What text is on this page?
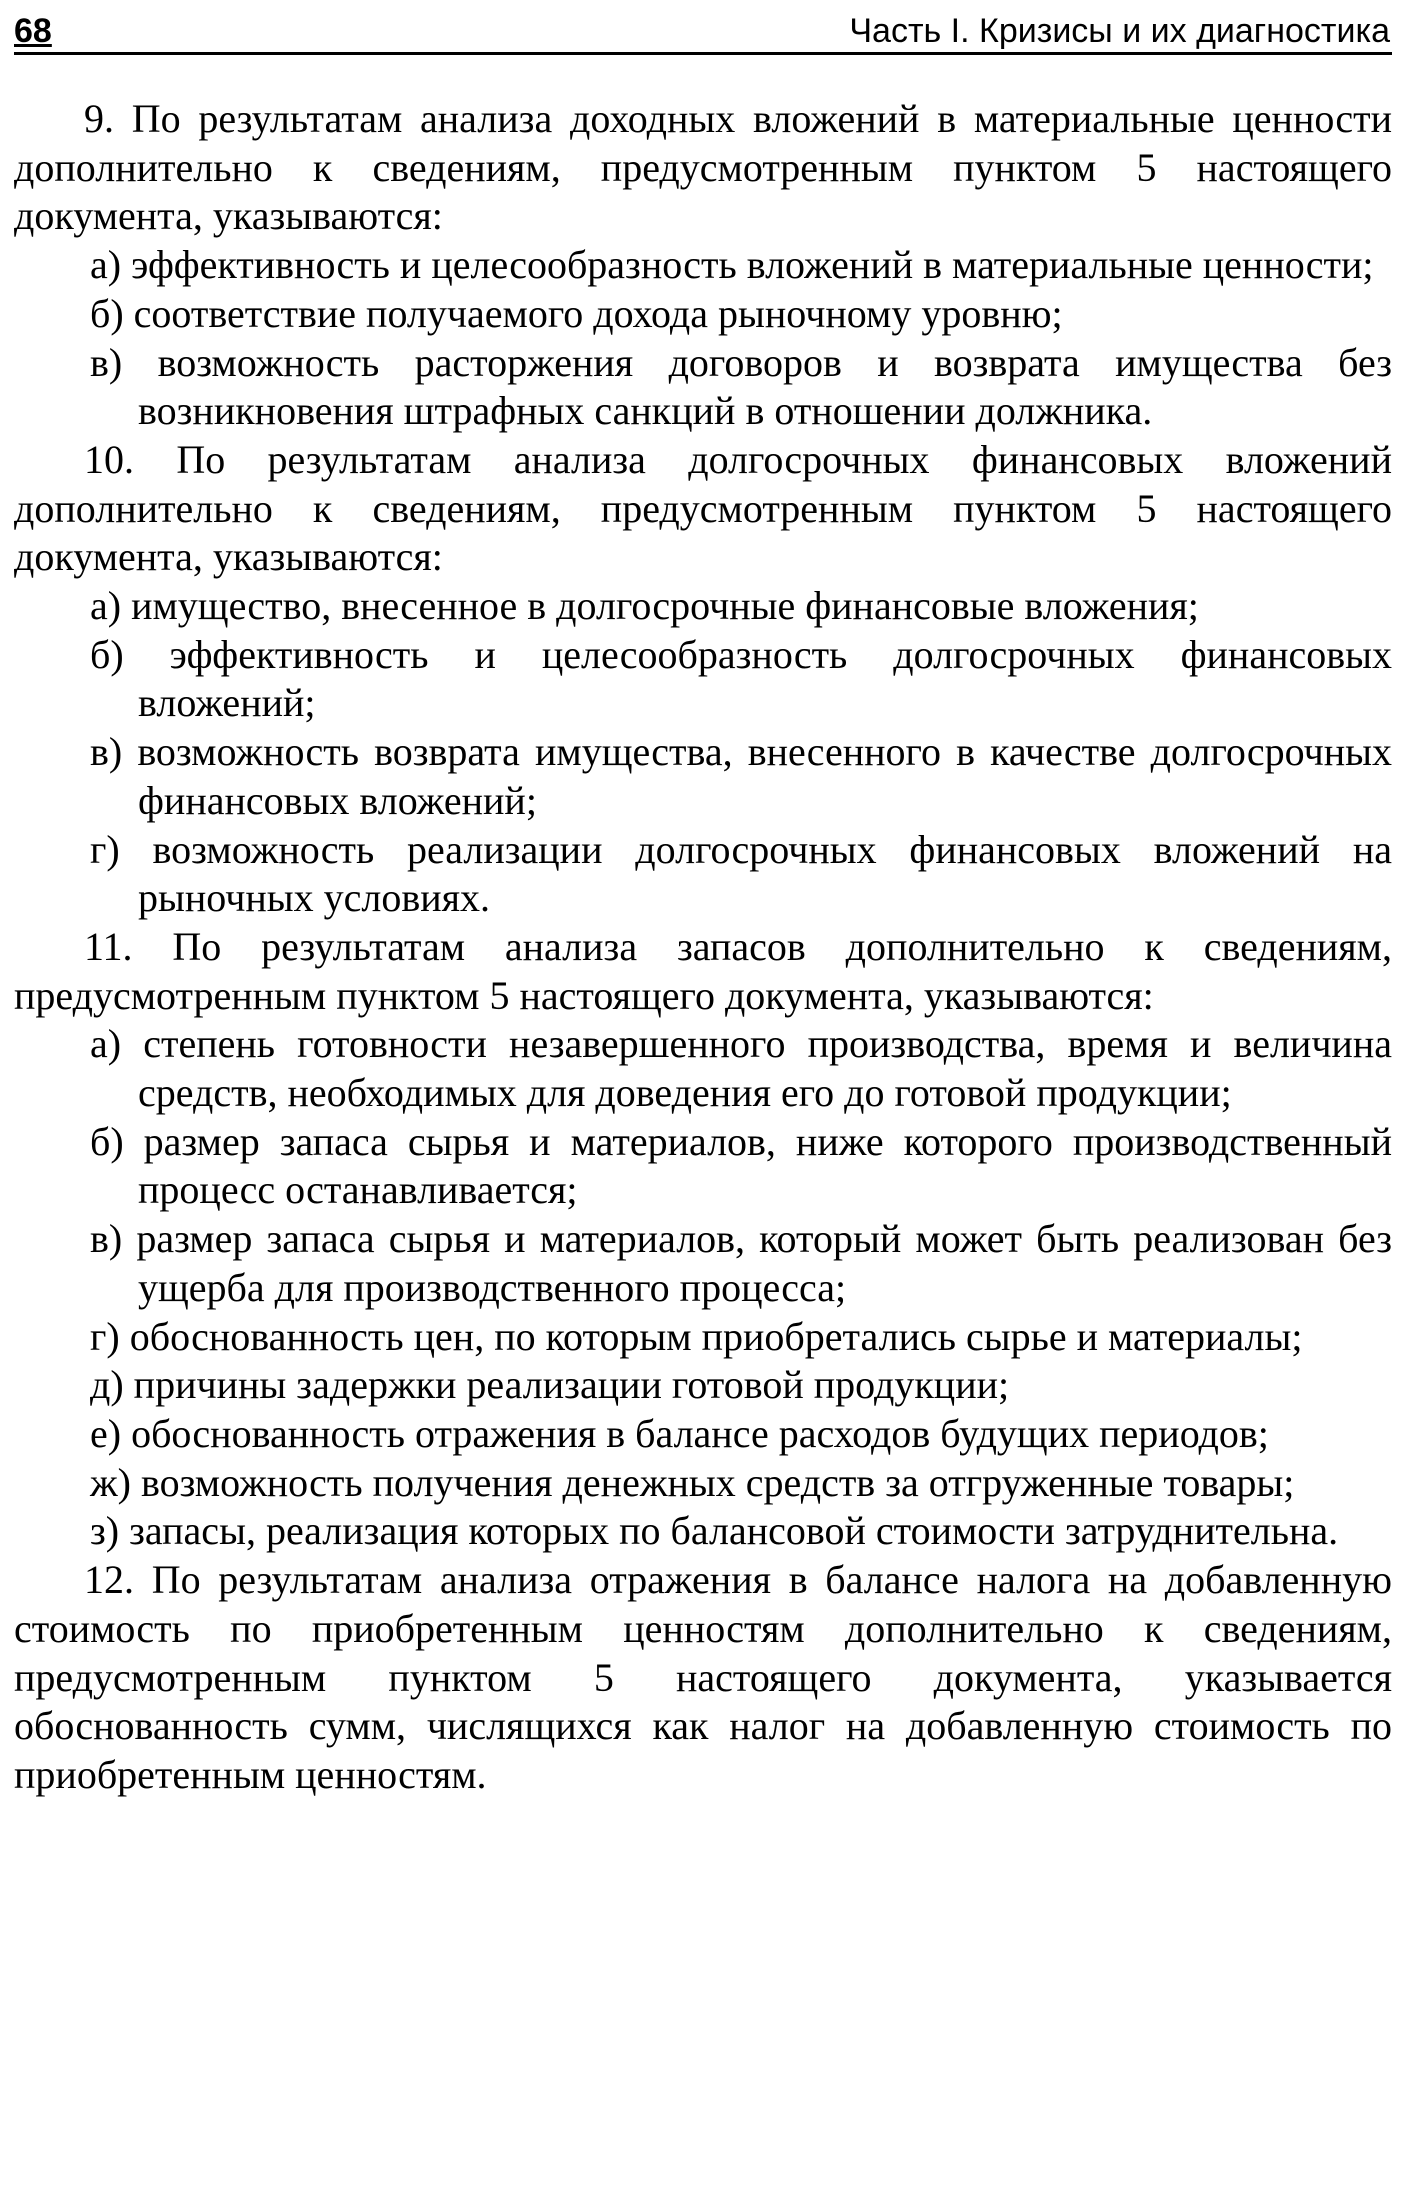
68	Часть I. Кризисы и их диагностика

9. По результатам анализа доходных вложений в материальные ценности дополнительно к сведениям, предусмотренным пунктом 5 настоящего документа, указываются:

а) эффективность и целесообразность вложений в материальные ценности;

б) соответствие получаемого дохода рыночному уровню;

в) возможность расторжения договоров и возврата имущества без возникновения штрафных санкций в отношении должника.

10. По результатам анализа долгосрочных финансовых вложений дополнительно к сведениям, предусмотренным пунктом 5 настоящего документа, указываются:

а) имущество, внесенное в долгосрочные финансовые вложения;

б) эффективность и целесообразность долгосрочных финансовых вложений;

в) возможность возврата имущества, внесенного в качестве долгосрочных финансовых вложений;

г) возможность реализации долгосрочных финансовых вложений на рыночных условиях.

11. По результатам анализа запасов дополнительно к сведениям, предусмотренным пунктом 5 настоящего документа, указываются:

а) степень готовности незавершенного производства, время и величина средств, необходимых для доведения его до готовой продукции;

б) размер запаса сырья и материалов, ниже которого производственный процесс останавливается;

в) размер запаса сырья и материалов, который может быть реализован без ущерба для производственного процесса;

г) обоснованность цен, по которым приобретались сырье и материалы;

д) причины задержки реализации готовой продукции;

е) обоснованность отражения в балансе расходов будущих периодов;

ж) возможность получения денежных средств за отгруженные товары;

з) запасы, реализация которых по балансовой стоимости затруднительна.

12. По результатам анализа отражения в балансе налога на добавленную стоимость по приобретенным ценностям дополнительно к сведениям, предусмотренным пунктом 5 настоящего документа, указывается обоснованность сумм, числящихся как налог на добавленную стоимость по приобретенным ценностям.
